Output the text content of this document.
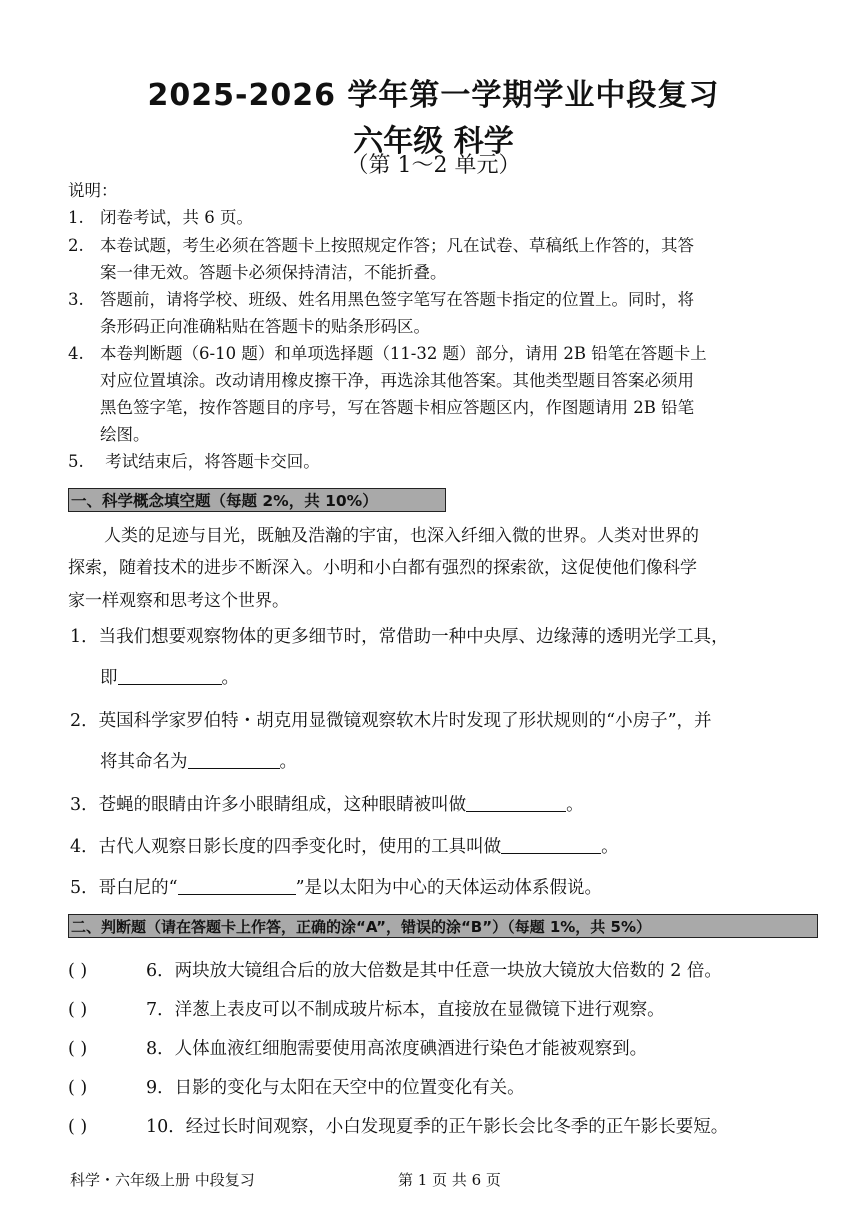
2025-2026 学年第一学期学业中段复习
六年级 科学
（第 1～2 单元）
说明：
1. 闭卷考试，共 6 页。
2. 本卷试题，考生必须在答题卡上按照规定作答；凡在试卷、草稿纸上作答的，其答
案一律无效。答题卡必须保持清洁，不能折叠。
3. 答题前，请将学校、班级、姓名用黑色签字笔写在答题卡指定的位置上。同时，将
条形码正向准确粘贴在答题卡的贴条形码区。
4. 本卷判断题（6-10 题）和单项选择题（11-32 题）部分，请用 2B 铅笔在答题卡上
对应位置填涂。改动请用橡皮擦干净，再选涂其他答案。其他类型题目答案必须用
黑色签字笔，按作答题目的序号，写在答题卡相应答题区内，作图题请用 2B 铅笔
绘图。
5. 考试结束后，将答题卡交回。
一、科学概念填空题（每题 2%，共 10%）
人类的足迹与目光，既触及浩瀚的宇宙，也深入纤细入微的世界。人类对世界的
探索，随着技术的进步不断深入。小明和小白都有强烈的探索欲，这促使他们像科学
家一样观察和思考这个世界。
1．当我们想要观察物体的更多细节时，常借助一种中央厚、边缘薄的透明光学工具，
即	。
2．英国科学家罗伯特・胡克用显微镜观察软木片时发现了形状规则的“小房子”，并
将其命名为	。
3．苍蝇的眼睛由许多小眼睛组成，这种眼睛被叫做	。
4．古代人观察日影长度的四季变化时，使用的工具叫做	。
5．哥白尼的“	”是以太阳为中心的天体运动体系假说。
二、判断题（请在答题卡上作答，正确的涂“A”，错误的涂“B”）（每题 1%，共 5%）
( )	6．两块放大镜组合后的放大倍数是其中任意一块放大镜放大倍数的 2 倍。
( )	7．洋葱上表皮可以不制成玻片标本，直接放在显微镜下进行观察。
( )	8．人体血液红细胞需要使用高浓度碘酒进行染色才能被观察到。
( )	9．日影的变化与太阳在天空中的位置变化有关。
( )	10．经过长时间观察，小白发现夏季的正午影长会比冬季的正午影长要短。
科学・六年级上册 中段复习	第 1 页 共 6 页
